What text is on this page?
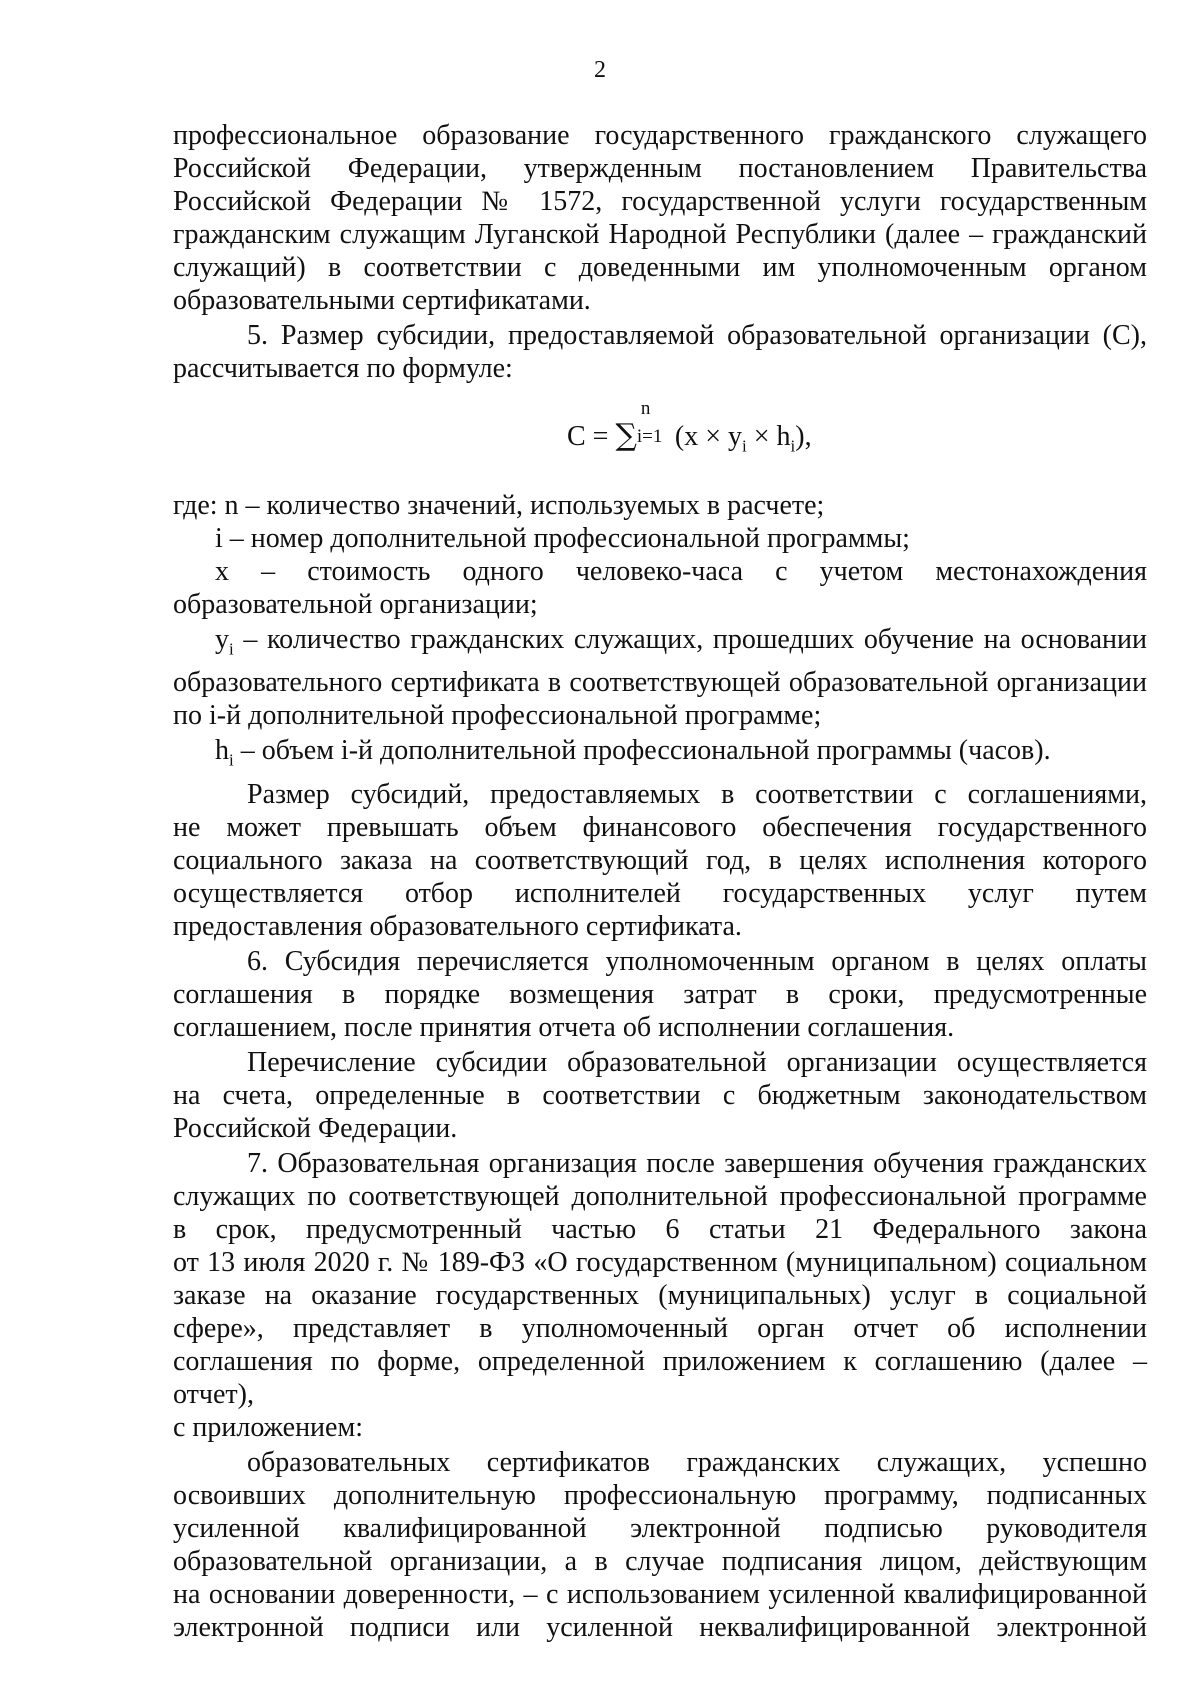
2

профессиональное образование государственного гражданского служащего
Российской Федерации, утвержденным постановлением Правительства
Российской Федерации № 1572, государственной услуги государственным
гражданским служащим Луганской Народной Республики (далее – гражданский
служащий) в соответствии с доведенными им уполномоченным органом
образовательными сертификатами.

5. Размер субсидии, предоставляемой образовательной организации (С),
рассчитывается по формуле:

С = ∑
n
i=1 $(x \times y_i \times h_i)$,

где: n – количество значений, используемых в расчете;

i – номер дополнительной профессиональной программы;

x – стоимость одного человеко-часа с учетом местонахождения
образовательной организации;

$y_i$ – количество гражданских служащих, прошедших обучение на основании
образовательного сертификата в соответствующей образовательной организации
по i-й дополнительной профессиональной программе;

$h_i$ – объем i-й дополнительной профессиональной программы (часов).

Размер субсидий, предоставляемых в соответствии с соглашениями,
не может превышать объем финансового обеспечения государственного
социального заказа на соответствующий год, в целях исполнения которого
осуществляется отбор исполнителей государственных услуг путем
предоставления образовательного сертификата.

6. Субсидия перечисляется уполномоченным органом в целях оплаты
соглашения в порядке возмещения затрат в сроки, предусмотренные
соглашением, после принятия отчета об исполнении соглашения.

Перечисление субсидии образовательной организации осуществляется
на счета, определенные в соответствии с бюджетным законодательством
Российской Федерации.

7. Образовательная организация после завершения обучения гражданских
служащих по соответствующей дополнительной профессиональной программе
в срок, предусмотренный частью 6 статьи 21 Федерального закона
от 13 июля 2020 г. № 189-ФЗ «О государственном (муниципальном) социальном
заказе на оказание государственных (муниципальных) услуг в социальной
сфере», представляет в уполномоченный орган отчет об исполнении
соглашения по форме, определенной приложением к соглашению (далее – отчет),
с приложением:

образовательных сертификатов гражданских служащих, успешно
освоивших дополнительную профессиональную программу, подписанных
усиленной квалифицированной электронной подписью руководителя
образовательной организации, а в случае подписания лицом, действующим
на основании доверенности, – с использованием усиленной квалифицированной
электронной подписи или усиленной неквалифицированной электронной
